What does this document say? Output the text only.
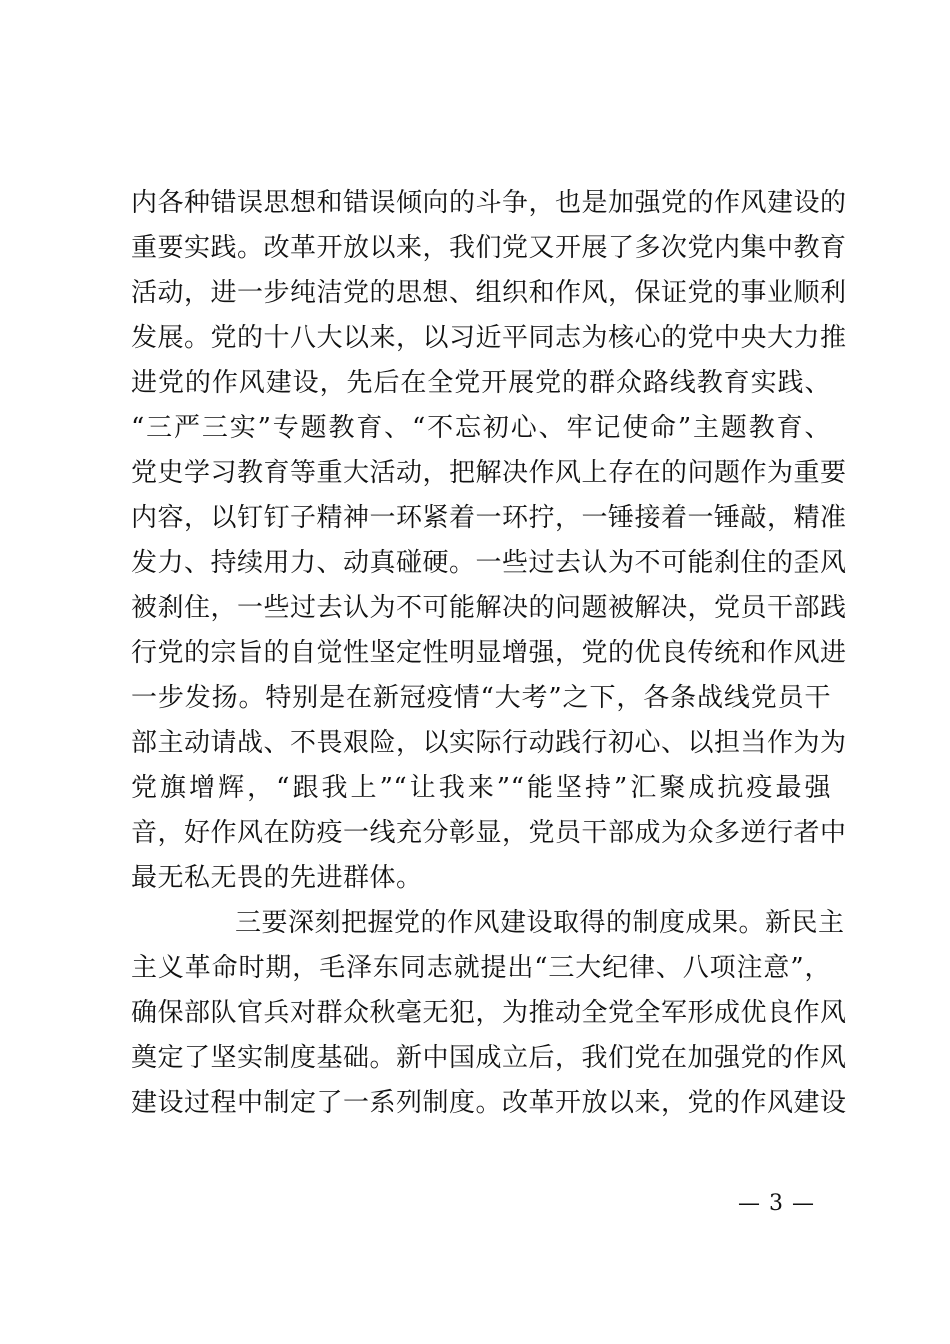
内各种错误思想和错误倾向的斗争，也是加强党的作风建设的
重要实践。改革开放以来，我们党又开展了多次党内集中教育
活动，进一步纯洁党的思想、组织和作风，保证党的事业顺利
发展。党的十八大以来，以习近平同志为核心的党中央大力推
进党的作风建设，先后在全党开展党的群众路线教育实践、
“三严三实”专题教育、“不忘初心、牢记使命”主题教育、
党史学习教育等重大活动，把解决作风上存在的问题作为重要
内容，以钉钉子精神一环紧着一环拧，一锤接着一锤敲，精准
发力、持续用力、动真碰硬。一些过去认为不可能刹住的歪风
被刹住，一些过去认为不可能解决的问题被解决，党员干部践
行党的宗旨的自觉性坚定性明显增强，党的优良传统和作风进
一步发扬。特别是在新冠疫情“大考”之下，各条战线党员干
部主动请战、不畏艰险，以实际行动践行初心、以担当作为为
党旗增辉，“跟我上”“让我来”“能坚持”汇聚成抗疫最强
音，好作风在防疫一线充分彰显，党员干部成为众多逆行者中
最无私无畏的先进群体。
三要深刻把握党的作风建设取得的制度成果。新民主
主义革命时期，毛泽东同志就提出“三大纪律、八项注意”，
确保部队官兵对群众秋毫无犯，为推动全党全军形成优良作风
奠定了坚实制度基础。新中国成立后，我们党在加强党的作风
建设过程中制定了一系列制度。改革开放以来，党的作风建设
— 3 —
